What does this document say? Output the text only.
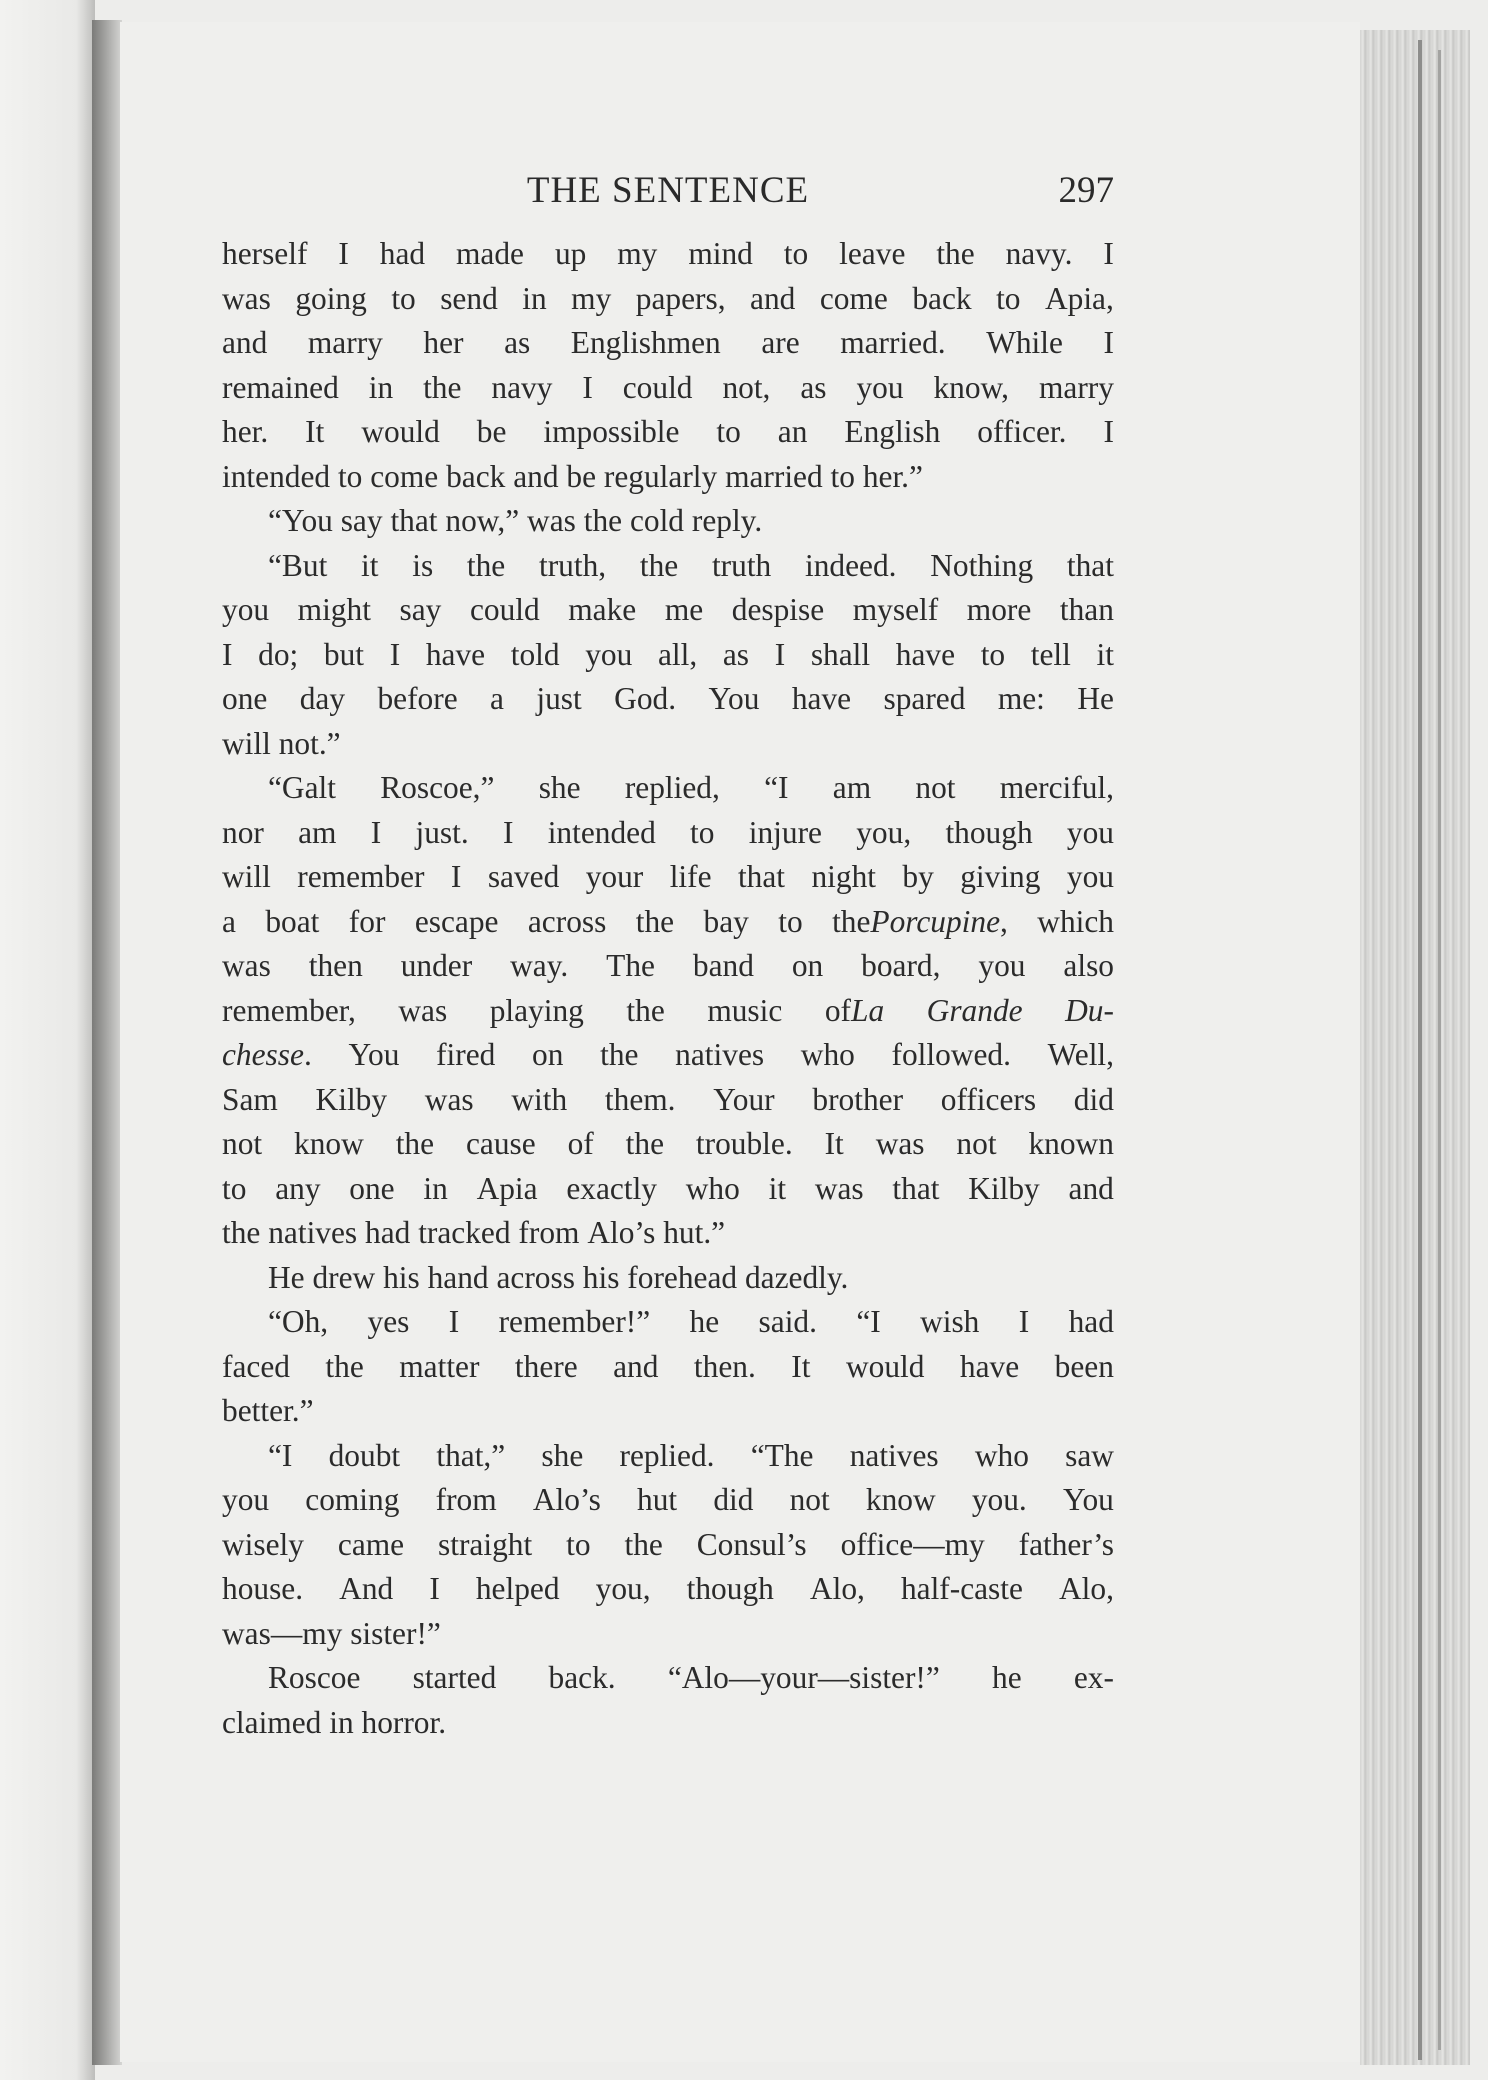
THE SENTENCE	297
herself I had made up my mind to leave the navy. I
was going to send in my papers, and come back to Apia,
and marry her as Englishmen are married. While I
remained in the navy I could not, as you know, marry
her. It would be impossible to an English officer. I
intended to come back and be regularly married to her.”
“You say that now,” was the cold reply.
“But it is the truth, the truth indeed. Nothing that
you might say could make me despise myself more than
I do; but I have told you all, as I shall have to tell it
one day before a just God. You have spared me: He
will not.”
“Galt Roscoe,” she replied, “I am not merciful,
nor am I just. I intended to injure you, though you
will remember I saved your life that night by giving you
a boat for escape across the bay to thePorcupine, which
was then under way. The band on board, you also
remember, was playing the music ofLa Grande Du-
chesse. You fired on the natives who followed. Well,
Sam Kilby was with them. Your brother officers did
not know the cause of the trouble. It was not known
to any one in Apia exactly who it was that Kilby and
the natives had tracked from Alo’s hut.”
He drew his hand across his forehead dazedly.
“Oh, yes I remember!” he said. “I wish I had
faced the matter there and then. It would have been
better.”
“I doubt that,” she replied. “The natives who saw
you coming from Alo’s hut did not know you. You
wisely came straight to the Consul’s office—my father’s
house. And I helped you, though Alo, half-caste Alo,
was—my sister!”
Roscoe started back. “Alo—your—sister!” he ex-
claimed in horror.
